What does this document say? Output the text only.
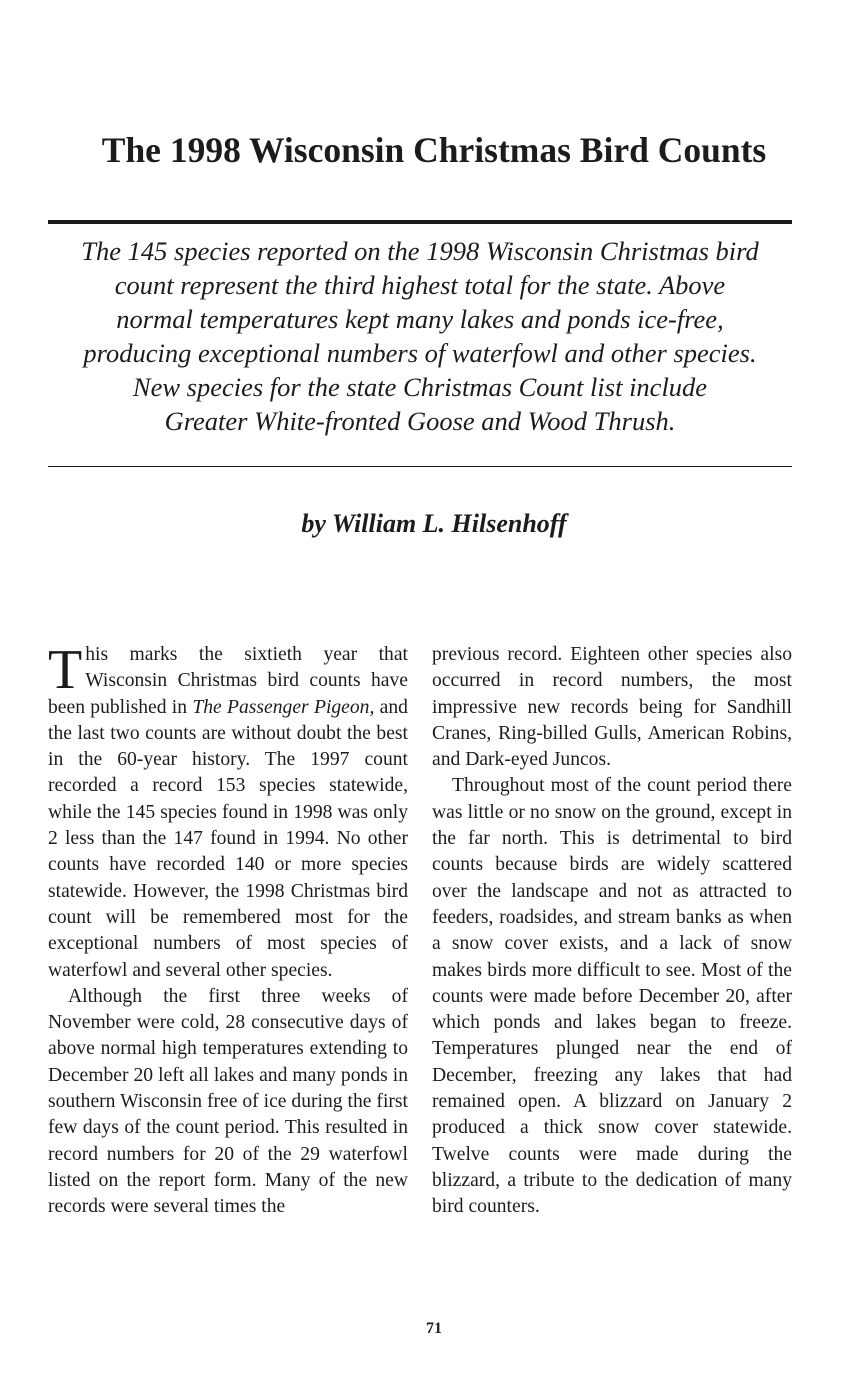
The 1998 Wisconsin Christmas Bird Counts
The 145 species reported on the 1998 Wisconsin Christmas bird
count represent the third highest total for the state. Above
normal temperatures kept many lakes and ponds ice-free,
producing exceptional numbers of waterfowl and other species.
New species for the state Christmas Count list include
Greater White-fronted Goose and Wood Thrush.
by William L. Hilsenhoff

This marks the sixtieth year that Wisconsin Christmas bird counts have been published in The Passenger Pigeon, and the last two counts are without doubt the best in the 60-year history. The 1997 count recorded a record 153 species statewide, while the 145 species found in 1998 was only 2 less than the 147 found in 1994. No other counts have recorded 140 or more species statewide. However, the 1998 Christmas bird count will be remembered most for the exceptional numbers of most species of waterfowl and several other species.

Although the first three weeks of November were cold, 28 consecutive days of above normal high temperatures extending to December 20 left all lakes and many ponds in southern Wisconsin free of ice during the first few days of the count period. This resulted in record numbers for 20 of the 29 waterfowl listed on the report form. Many of the new records were several times the

previous record. Eighteen other species also occurred in record numbers, the most impressive new records being for Sandhill Cranes, Ring-billed Gulls, American Robins, and Dark-eyed Juncos.

Throughout most of the count period there was little or no snow on the ground, except in the far north. This is detrimental to bird counts because birds are widely scattered over the landscape and not as attracted to feeders, roadsides, and stream banks as when a snow cover exists, and a lack of snow makes birds more difficult to see. Most of the counts were made before December 20, after which ponds and lakes began to freeze. Temperatures plunged near the end of December, freezing any lakes that had remained open. A blizzard on January 2 produced a thick snow cover statewide. Twelve counts were made during the blizzard, a tribute to the dedication of many bird counters.

71
